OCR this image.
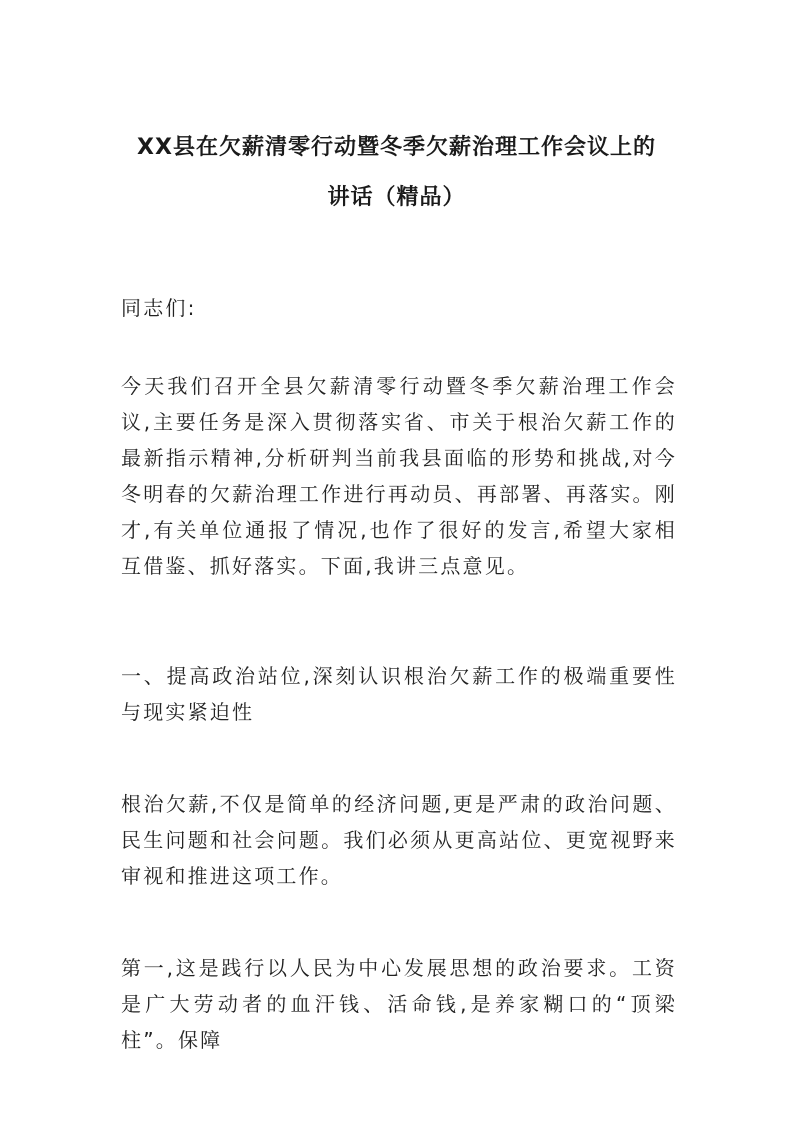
XX县在欠薪清零行动暨冬季欠薪治理工作会议上的
讲话（精品）
同志们:
今天我们召开全县欠薪清零行动暨冬季欠薪治理工作会议,主要任务是深入贯彻落实省、市关于根治欠薪工作的最新指示精神,分析研判当前我县面临的形势和挑战,对今冬明春的欠薪治理工作进行再动员、再部署、再落实。刚才,有关单位通报了情况,也作了很好的发言,希望大家相互借鉴、抓好落实。下面,我讲三点意见。
一、提高政治站位,深刻认识根治欠薪工作的极端重要性与现实紧迫性
根治欠薪,不仅是简单的经济问题,更是严肃的政治问题、民生问题和社会问题。我们必须从更高站位、更宽视野来审视和推进这项工作。
第一,这是践行以人民为中心发展思想的政治要求。工资是广大劳动者的血汗钱、活命钱,是养家糊口的“顶梁柱”。保障
